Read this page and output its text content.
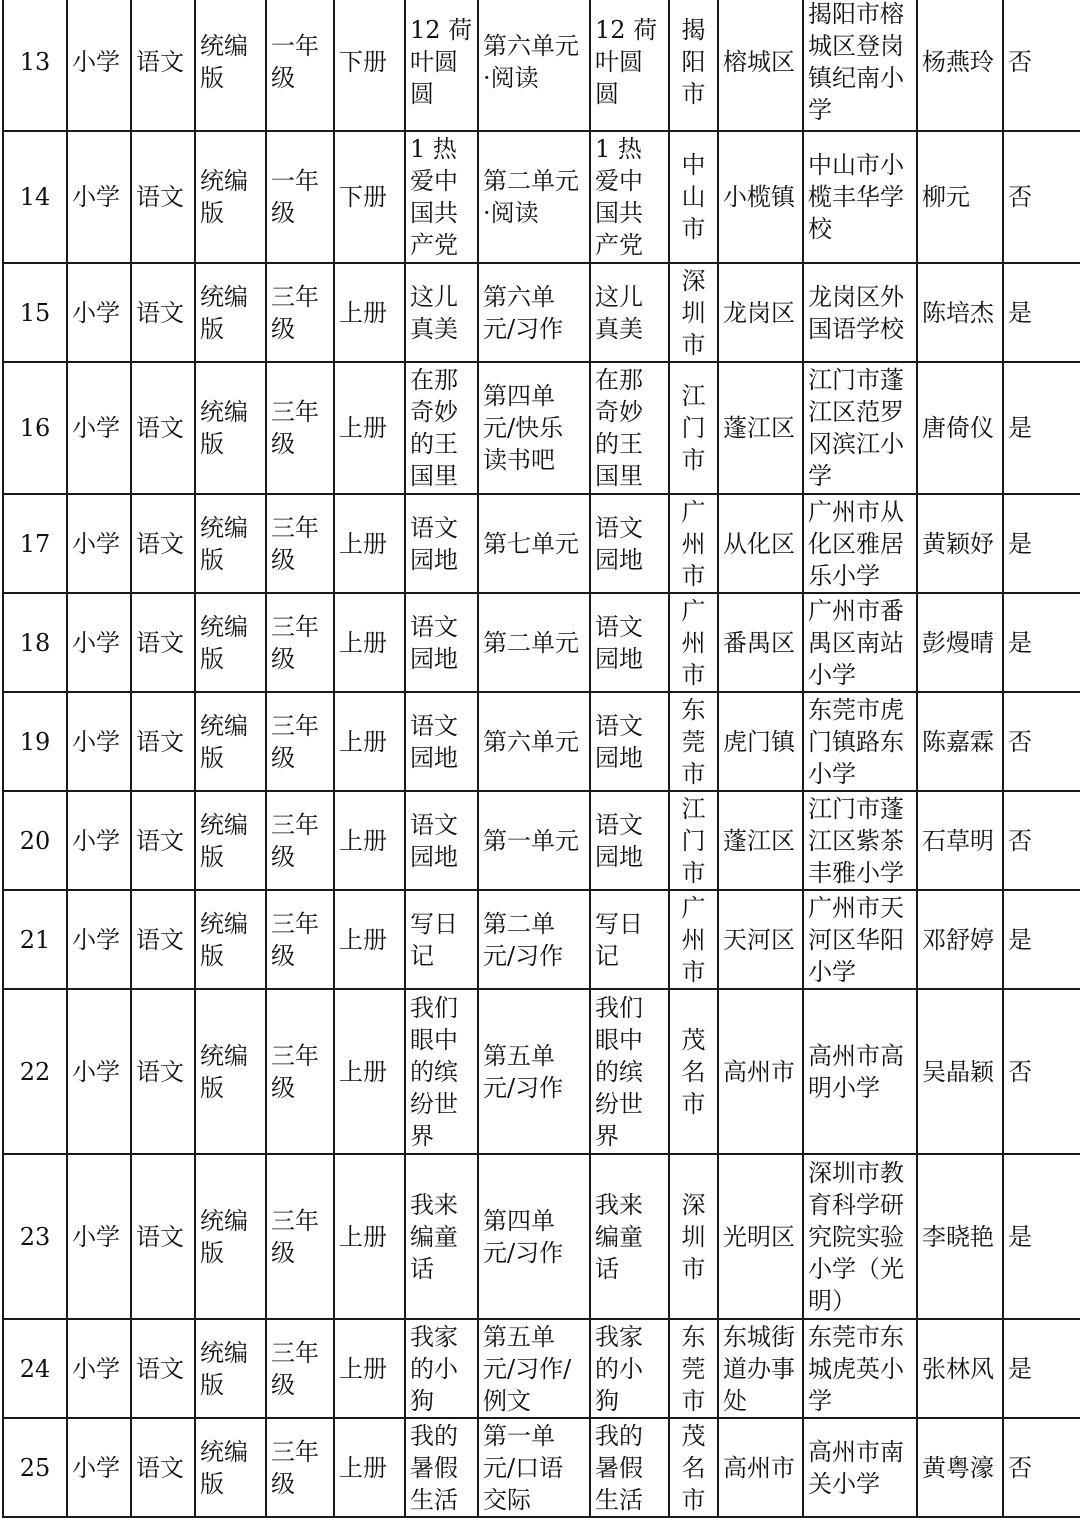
13	小学	语文	统编版	一年级	下册	12 荷叶圆圆	第六单元·阅读	12 荷叶圆圆	揭阳市	榕城区	揭阳市榕城区登岗镇纪南小学	杨燕玲	否
14	小学	语文	统编版	一年级	下册	1 热爱中国共产党	第二单元·阅读	1 热爱中国共产党	中山市	小榄镇	中山市小榄丰华学校	柳元	否
15	小学	语文	统编版	三年级	上册	这儿真美	第六单元/习作	这儿真美	深圳市	龙岗区	龙岗区外国语学校	陈培杰	是
16	小学	语文	统编版	三年级	上册	在那奇妙的王国里	第四单元/快乐读书吧	在那奇妙的王国里	江门市	蓬江区	江门市蓬江区范罗冈滨江小学	唐倚仪	是
17	小学	语文	统编版	三年级	上册	语文园地	第七单元	语文园地	广州市	从化区	广州市从化区雅居乐小学	黄颖妤	是
18	小学	语文	统编版	三年级	上册	语文园地	第二单元	语文园地	广州市	番禺区	广州市番禺区南站小学	彭熳晴	是
19	小学	语文	统编版	三年级	上册	语文园地	第六单元	语文园地	东莞市	虎门镇	东莞市虎门镇路东小学	陈嘉霖	否
20	小学	语文	统编版	三年级	上册	语文园地	第一单元	语文园地	江门市	蓬江区	江门市蓬江区紫茶丰雅小学	石草明	否
21	小学	语文	统编版	三年级	上册	写日记	第二单元/习作	写日记	广州市	天河区	广州市天河区华阳小学	邓舒婷	是
22	小学	语文	统编版	三年级	上册	我们眼中的缤纷世界	第五单元/习作	我们眼中的缤纷世界	茂名市	高州市	高州市高明小学	吴晶颖	否
23	小学	语文	统编版	三年级	上册	我来编童话	第四单元/习作	我来编童话	深圳市	光明区	深圳市教育科学研究院实验小学（光明）	李晓艳	是
24	小学	语文	统编版	三年级	上册	我家的小狗	第五单元/习作/例文	我家的小狗	东莞市	东城街道办事处	东莞市东城虎英小学	张林风	是
25	小学	语文	统编版	三年级	上册	我的暑假生活	第一单元/口语交际	我的暑假生活	茂名市	高州市	高州市南关小学	黄粤濠	否
